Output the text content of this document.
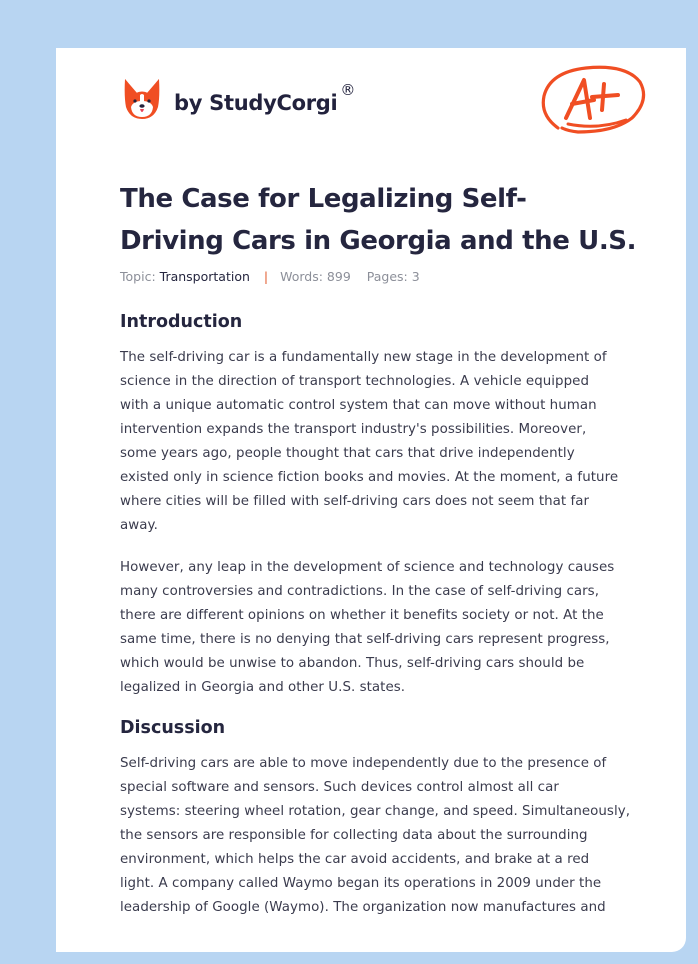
by StudyCorgi
®
The Case for Legalizing Self-
Driving Cars in Georgia and the U.S.
Topic: Transportation | Words: 899 Pages: 3
Introduction

The self-driving car is a fundamentally new stage in the development of
science in the direction of transport technologies. A vehicle equipped
with a unique automatic control system that can move without human
intervention expands the transport industry's possibilities. Moreover,
some years ago, people thought that cars that drive independently
existed only in science fiction books and movies. At the moment, a future
where cities will be filled with self-driving cars does not seem that far
away.

However, any leap in the development of science and technology causes
many controversies and contradictions. In the case of self-driving cars,
there are different opinions on whether it benefits society or not. At the
same time, there is no denying that self-driving cars represent progress,
which would be unwise to abandon. Thus, self-driving cars should be
legalized in Georgia and other U.S. states.

Discussion

Self-driving cars are able to move independently due to the presence of
special software and sensors. Such devices control almost all car
systems: steering wheel rotation, gear change, and speed. Simultaneously,
the sensors are responsible for collecting data about the surrounding
environment, which helps the car avoid accidents, and brake at a red
light. A company called Waymo began its operations in 2009 under the
leadership of Google (Waymo). The organization now manufactures and
